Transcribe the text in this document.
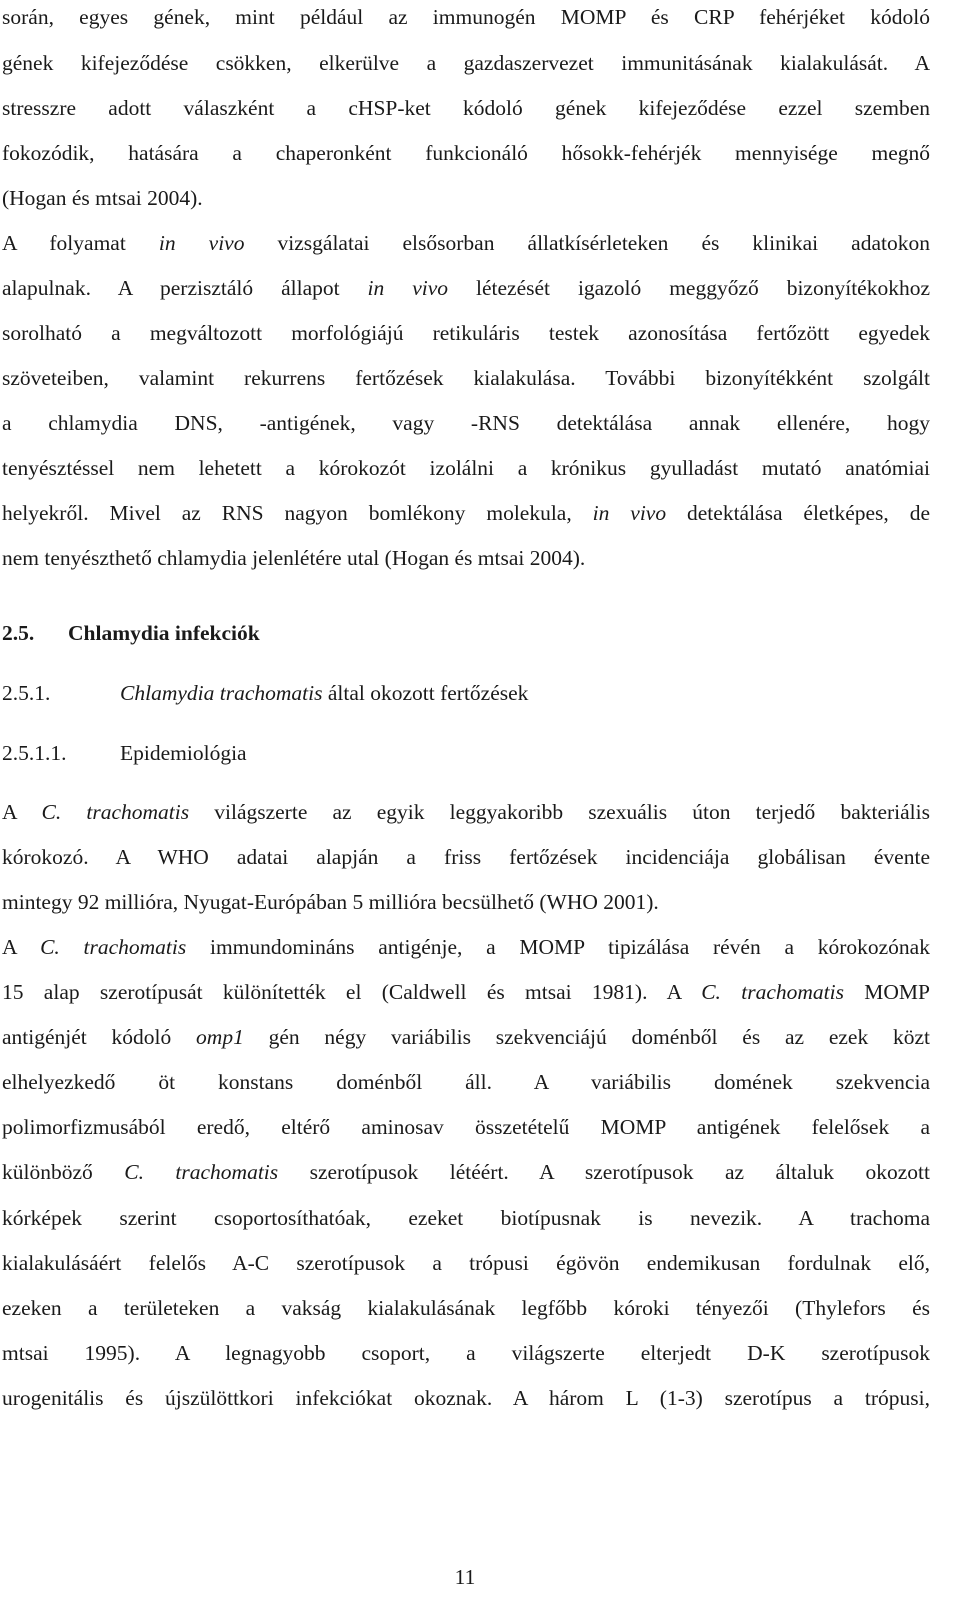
során, egyes gének, mint például az immunogén MOMP és CRP fehérjéket kódoló
gének kifejeződése csökken, elkerülve a gazdaszervezet immunitásának kialakulását. A
stresszre adott válaszként a cHSP-ket kódoló gének kifejeződése ezzel szemben
fokozódik, hatására a chaperonként funkcionáló hősokk-fehérjék mennyisége megnő
(Hogan és mtsai 2004).
A folyamat in vivo vizsgálatai elsősorban állatkísérleteken és klinikai adatokon
alapulnak. A perzisztáló állapot in vivo létezését igazoló meggyőző bizonyítékokhoz
sorolható a megváltozott morfológiájú retikuláris testek azonosítása fertőzött egyedek
szöveteiben, valamint rekurrens fertőzések kialakulása. További bizonyítékként szolgált
a chlamydia DNS, -antigének, vagy -RNS detektálása annak ellenére, hogy
tenyésztéssel nem lehetett a kórokozót izolálni a krónikus gyulladást mutató anatómiai
helyekről. Mivel az RNS nagyon bomlékony molekula, in vivo detektálása életképes, de
nem tenyészthető chlamydia jelenlétére utal (Hogan és mtsai 2004).
2.5. Chlamydia infekciók
2.5.1.	Chlamydia trachomatis által okozott fertőzések
2.5.1.1. Epidemiológia
A C. trachomatis világszerte az egyik leggyakoribb szexuális úton terjedő bakteriális
kórokozó. A WHO adatai alapján a friss fertőzések incidenciája globálisan évente
mintegy 92 millióra, Nyugat-Európában 5 millióra becsülhető (WHO 2001).
A C. trachomatis immundomináns antigénje, a MOMP tipizálása révén a kórokozónak
15 alap szerotípusát különítették el (Caldwell és mtsai 1981). A C. trachomatis MOMP
antigénjét kódoló omp1 gén négy variábilis szekvenciájú doménből és az ezek közt
elhelyezkedő öt konstans doménből áll. A variábilis domének szekvencia
polimorfizmusából eredő, eltérő aminosav összetételű MOMP antigének felelősek a
különböző C. trachomatis szerotípusok létéért. A szerotípusok az általuk okozott
kórképek szerint csoportosíthatóak, ezeket biotípusnak is nevezik. A trachoma
kialakulásáért felelős A-C szerotípusok a trópusi égövön endemikusan fordulnak elő,
ezeken a területeken a vakság kialakulásának legfőbb kóroki tényezői (Thylefors és
mtsai 1995). A legnagyobb csoport, a világszerte elterjedt D-K szerotípusok
urogenitális és újszülöttkori infekciókat okoznak. A három L (1-3) szerotípus a trópusi,
11
